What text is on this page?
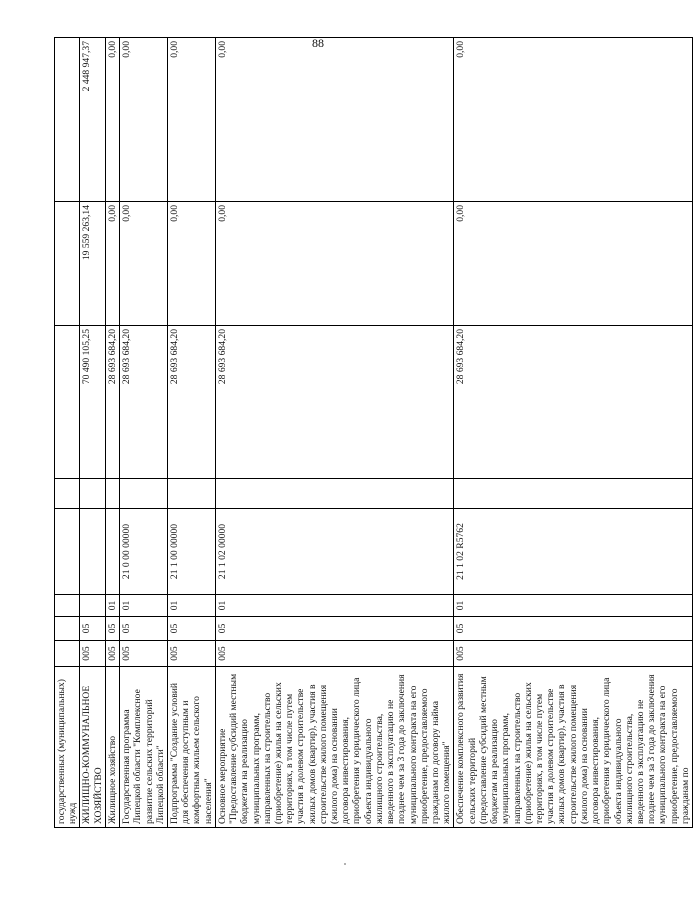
88
государственных (муниципальных) нужд								
ЖИЛИЩНО-КОММУНАЛЬНОЕ ХОЗЯЙСТВО	005	05				70 490 105,25	19 559 263,14	2 448 947,37
Жилищное хозяйство	005	05	01			28 693 684,20	0,00	0,00
Государственная программа Липецкой области "Комплексное развитие сельских территорий Липецкой области"	005	05	01	21 0 00 00000		28 693 684,20	0,00	0,00
Подпрограмма "Создание условий для обеспечения доступным и комфортным жильем сельского населения"	005	05	01	21 1 00 00000		28 693 684,20	0,00	0,00
Основное мероприятие "Предоставление субсидий местным бюджетам на реализацию муниципальных программ, направленных на строительство (приобретение) жилья на сельских территориях, в том числе путем участия в долевом строительстве жилых домов (квартир), участия в строительстве жилого помещения (жилого дома) на основании договора инвестирования, приобретения у юридического лица объекта индивидуального жилищного строительства, введенного в эксплуатацию не позднее чем за 3 года до заключения муниципального контракта на его приобретение, предоставляемого гражданам по договору найма жилого помещения"	005	05	01	21 1 02 00000		28 693 684,20	0,00	0,00
Обеспечение комплексного развития сельских территорий (предоставление субсидий местным бюджетам на реализацию муниципальных программ, направленных на строительство (приобретение) жилья на сельских территориях, в том числе путем участия в долевом строительстве жилых домов (квартир), участия в строительстве жилого помещения (жилого дома) на основании договора инвестирования, приобретения у юридического лица объекта индивидуального жилищного строительства, введенного в эксплуатацию не позднее чем за 3 года до заключения муниципального контракта на его приобретение, предоставляемого гражданам по	005	05	01	21 1 02 R5762		28 693 684,20	0,00	0,00
